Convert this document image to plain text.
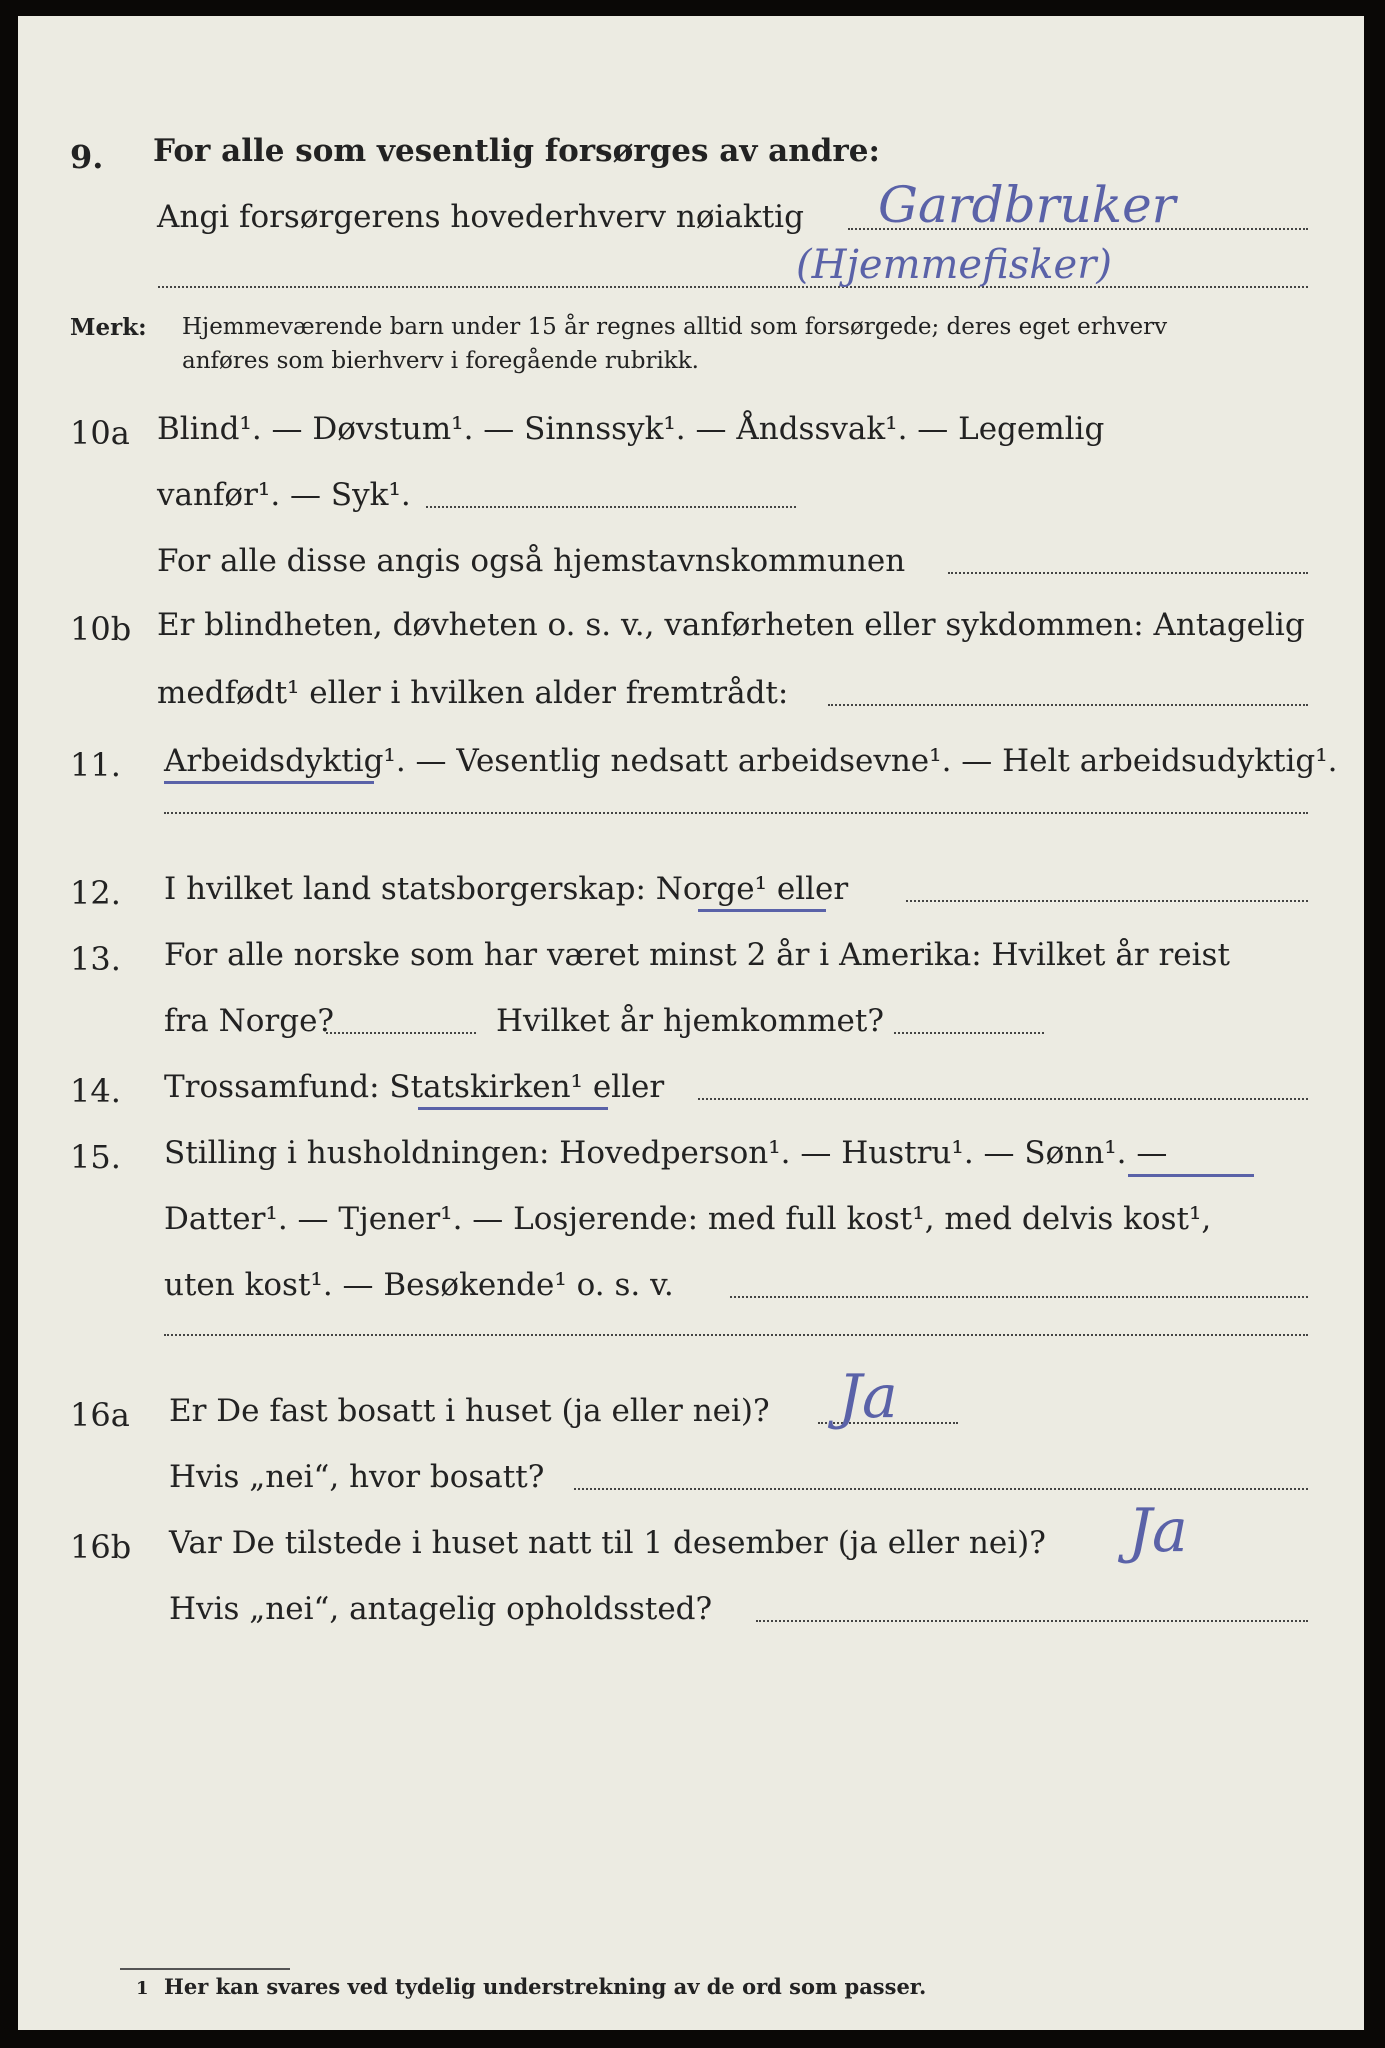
9. For alle som vesentlig forsørges av andre:
Angi forsørgerens hovederhverv nøiaktig Gardbruker
(Hjemmefisker)
Merk: Hjemmeværende barn under 15 år regnes alltid som forsørgede; deres eget erhverv
anføres som bierhverv i foregående rubrikk.
10a Blind¹. — Døvstum¹. — Sinnssyk¹. — Åndssvak¹. — Legemlig
vanfør¹. — Syk¹.
For alle disse angis også hjemstavnskommunen
10b Er blindheten, døvheten o. s. v., vanførheten eller sykdommen: Antagelig
medfødt¹ eller i hvilken alder fremtrådt:
11. Arbeidsdyktig¹. — Vesentlig nedsatt arbeidsevne¹. — Helt arbeidsudyktig¹.
12. I hvilket land statsborgerskap: Norge¹ eller
13. For alle norske som har været minst 2 år i Amerika: Hvilket år reist
fra Norge?	Hvilket år hjemkommet?
14. Trossamfund: Statskirken¹ eller
15. Stilling i husholdningen: Hovedperson¹. — Hustru¹. — Sønn¹. —
Datter¹. — Tjener¹. — Losjerende: med full kost¹, med delvis kost¹,
uten kost¹. — Besøkende¹ o. s. v.
16a Er De fast bosatt i huset (ja eller nei)? Ja
Hvis „nei“, hvor bosatt?
16b Var De tilstede i huset natt til 1 desember (ja eller nei)? Ja
Hvis „nei“, antagelig opholdssted?
1 Her kan svares ved tydelig understrekning av de ord som passer.
